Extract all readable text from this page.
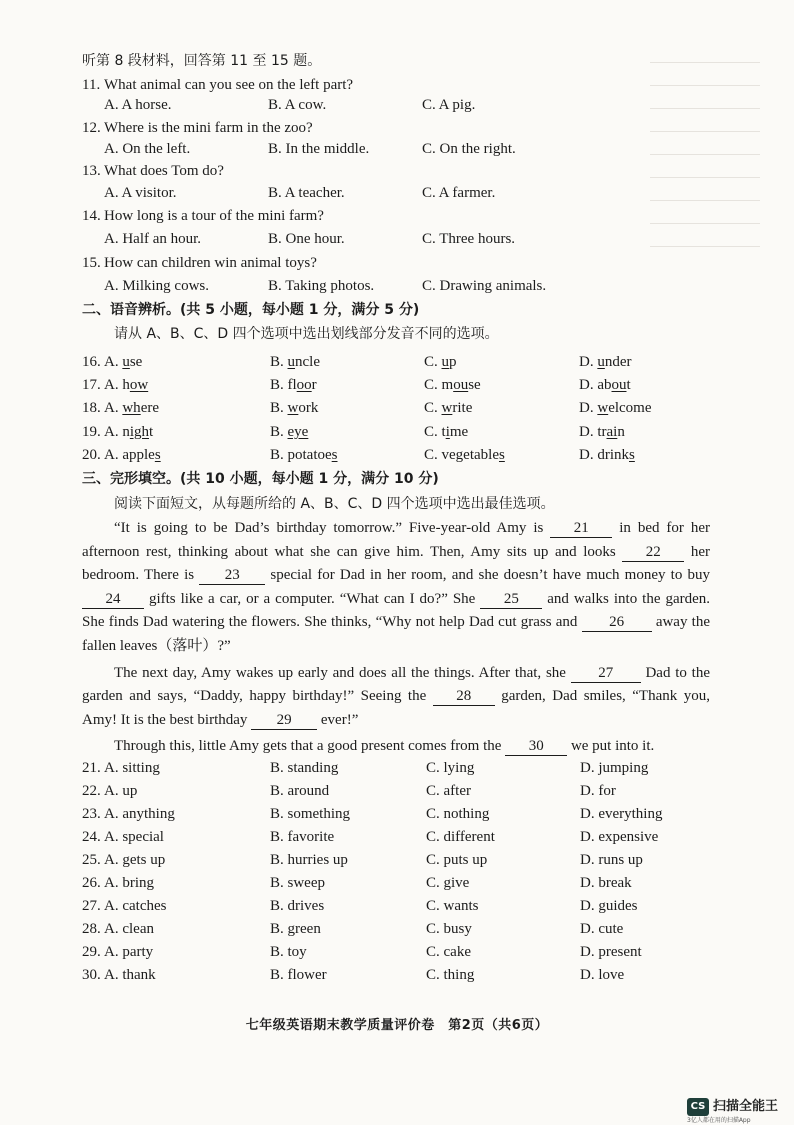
听第 8 段材料，回答第 11 至 15 题。
11. What animal can you see on the left part?
A. A horse.	B. A cow.	C. A pig.
12. Where is the mini farm in the zoo?
A. On the left.	B. In the middle.	C. On the right.
13. What does Tom do?
A. A visitor.	B. A teacher.	C. A farmer.
14. How long is a tour of the mini farm?
A. Half an hour.	B. One hour.	C. Three hours.
15. How can children win animal toys?
A. Milking cows.	B. Taking photos.	C. Drawing animals.
二、语音辨析。(共 5 小题，每小题 1 分，满分 5 分)
请从 A、B、C、D 四个选项中选出划线部分发音不同的选项。
16. A. use	B. uncle	C. up	D. under
17. A. how	B. floor	C. mouse	D. about
18. A. where	B. work	C. write	D. welcome
19. A. night	B. eye	C. time	D. train
20. A. apples	B. potatoes	C. vegetables	D. drinks
三、完形填空。(共 10 小题，每小题 1 分，满分 10 分)
阅读下面短文，从每题所给的 A、B、C、D 四个选项中选出最佳选项。

“It is going to be Dad’s birthday tomorrow.” Five-year-old Amy is 21 in bed for her afternoon rest, thinking about what she can give him. Then, Amy sits up and looks 22 her bedroom. There is 23 special for Dad in her room, and she doesn’t have much money to buy 24 gifts like a car, or a computer. “What can I do?” She 25 and walks into the garden. She finds Dad watering the flowers. She thinks, “Why not help Dad cut grass and 26 away the fallen leaves（落叶）?”

The next day, Amy wakes up early and does all the things. After that, she 27 Dad to the garden and says, “Daddy, happy birthday!” Seeing the 28 garden, Dad smiles, “Thank you, Amy! It is the best birthday 29 ever!”

Through this, little Amy gets that a good present comes from the 30 we put into it.

21. A. sitting	B. standing	C. lying	D. jumping
22. A. up	B. around	C. after	D. for
23. A. anything	B. something	C. nothing	D. everything
24. A. special	B. favorite	C. different	D. expensive
25. A. gets up	B. hurries up	C. puts up	D. runs up
26. A. bring	B. sweep	C. give	D. break
27. A. catches	B. drives	C. wants	D. guides
28. A. clean	B. green	C. busy	D. cute
29. A. party	B. toy	C. cake	D. present
30. A. thank	B. flower	C. thing	D. love
七年级英语期末教学质量评价卷　第2页（共6页）
CS 扫描全能王
3亿人都在用的扫描App
